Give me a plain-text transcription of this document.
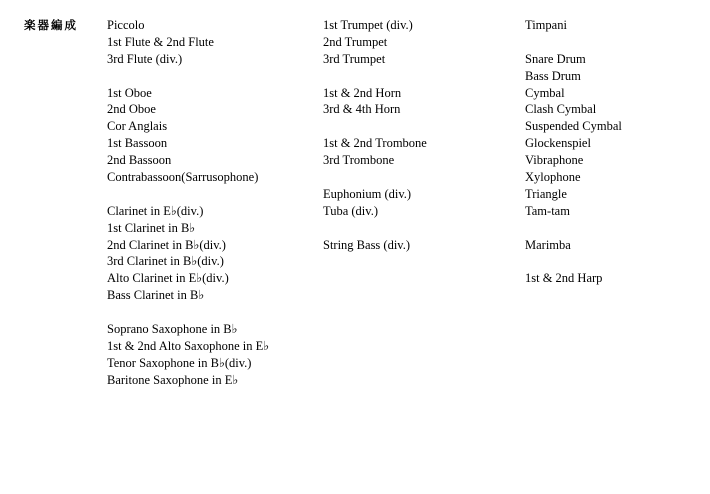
楽器編成 Piccolo
1st Flute & 2nd Flute
3rd Flute (div.)
1st Oboe
2nd Oboe
Cor Anglais
1st Bassoon
2nd Bassoon
Contrabassoon(Sarrusophone)
Clarinet in E♭(div.)
1st Clarinet in B♭
2nd Clarinet in B♭(div.)
3rd Clarinet in B♭(div.)
Alto Clarinet in E♭(div.)
Bass Clarinet in B♭
Soprano Saxophone in B♭
1st & 2nd Alto Saxophone in E♭
Tenor Saxophone in B♭(div.)
Baritone Saxophone in E♭
1st Trumpet (div.)
2nd Trumpet
3rd Trumpet
1st & 2nd Horn
3rd & 4th Horn
1st & 2nd Trombone
3rd Trombone
Euphonium (div.)
Tuba (div.)
String Bass (div.)
Timpani
Snare Drum
Bass Drum
Cymbal
Clash Cymbal
Suspended Cymbal
Glockenspiel
Vibraphone
Xylophone
Triangle
Tam-tam
Marimba
1st & 2nd Harp
